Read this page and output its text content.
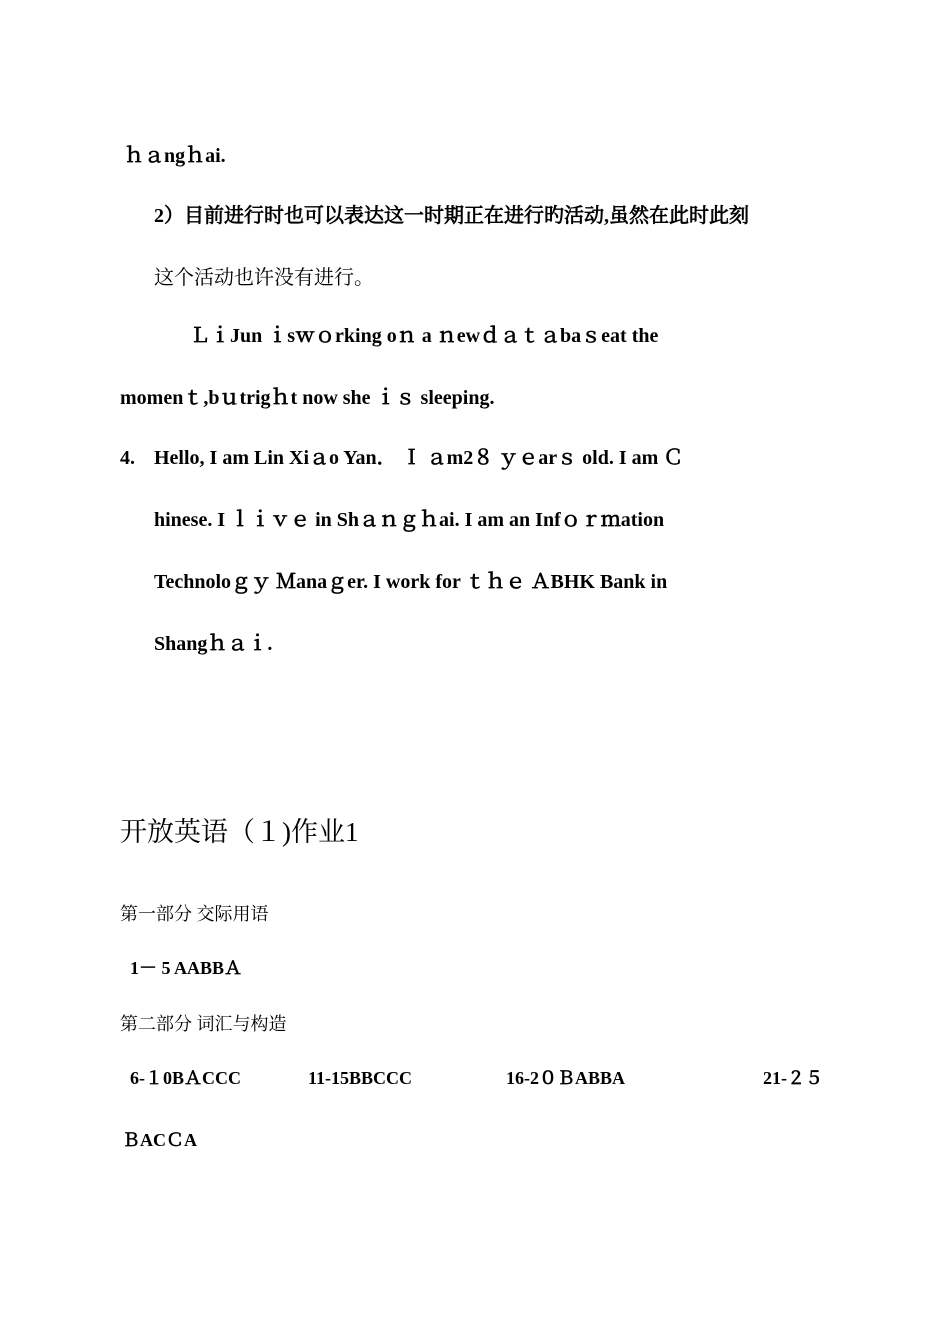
ｈａngｈai.
2）目前进行时也可以表达这一时期正在进行旳活动,虽然在此时此刻
这个活动也许没有进行。
ＬｉJun ｉsｗｏrking oｎ a ｎewｄａｔａbaｓeat the
momenｔ,bｕtrigｈt now she ｉｓ sleeping.
4. Hello, I am Lin Xiａo Yan． Ｉ ａm2８ ｙｅarｓ old. I am Ｃ
hinese. I ｌｉｖｅ in Shａｎｇｈai. I am an Infｏｒｍation
Technoloｇｙ Ｍanaｇer. I work for ｔｈｅ ＡBHK Bank in
Shangｈａｉ.
开放英语（１)作业1
第一部分 交际用语
1－ 5 AABBＡ
第二部分 词汇与构造
6-１0BＡCCC	11-15BBCCC	16-2０ＢABBA	21-２５
ＢACＣA
